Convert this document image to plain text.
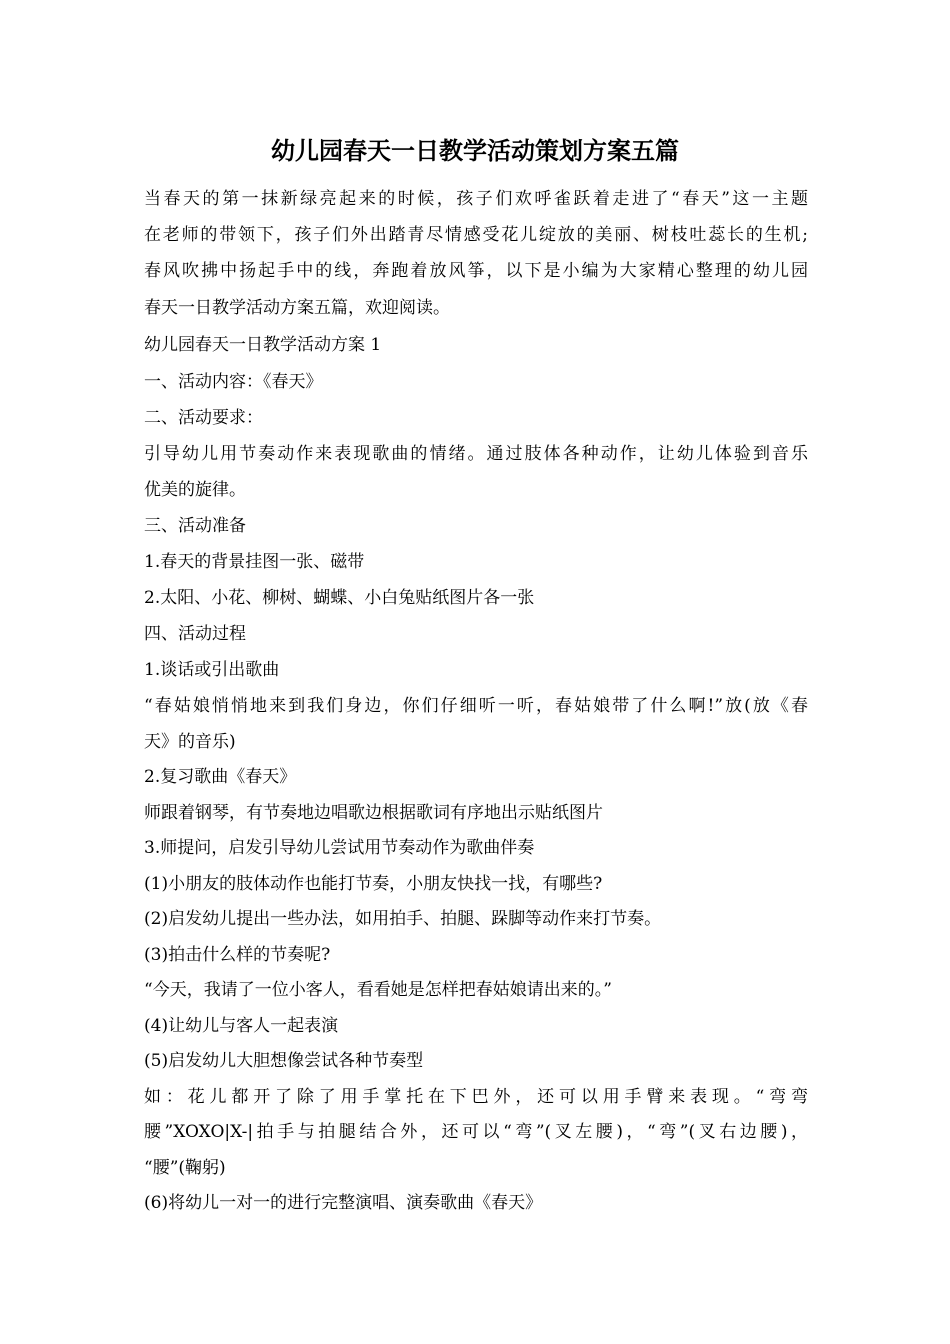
幼儿园春天一日教学活动策划方案五篇
当春天的第一抹新绿亮起来的时候，孩子们欢呼雀跃着走进了“春天”这一主题
在老师的带领下，孩子们外出踏青尽情感受花儿绽放的美丽、树枝吐蕊长的生机;
春风吹拂中扬起手中的线，奔跑着放风筝，以下是小编为大家精心整理的幼儿园
春天一日教学活动方案五篇，欢迎阅读。
幼儿园春天一日教学活动方案 1
一、活动内容：《春天》
二、活动要求：
引导幼儿用节奏动作来表现歌曲的情绪。通过肢体各种动作，让幼儿体验到音乐
优美的旋律。
三、活动准备
1.春天的背景挂图一张、磁带
2.太阳、小花、柳树、蝴蝶、小白兔贴纸图片各一张
四、活动过程
1.谈话或引出歌曲
“春姑娘悄悄地来到我们身边，你们仔细听一听，春姑娘带了什么啊!”放(放《春
天》的音乐)
2.复习歌曲《春天》
师跟着钢琴，有节奏地边唱歌边根据歌词有序地出示贴纸图片
3.师提问，启发引导幼儿尝试用节奏动作为歌曲伴奏
(1)小朋友的肢体动作也能打节奏，小朋友快找一找，有哪些?
(2)启发幼儿提出一些办法，如用拍手、拍腿、跺脚等动作来打节奏。
(3)拍击什么样的节奏呢?
“今天，我请了一位小客人，看看她是怎样把春姑娘请出来的。”
(4)让幼儿与客人一起表演
(5)启发幼儿大胆想像尝试各种节奏型
如：花儿都开了除了用手掌托在下巴外，还可以用手臂来表现。“弯弯
腰”XOXO|X-|拍手与拍腿结合外，还可以“弯”(叉左腰)，“弯”(叉右边腰)，
“腰”(鞠躬)
(6)将幼儿一对一的进行完整演唱、演奏歌曲《春天》
